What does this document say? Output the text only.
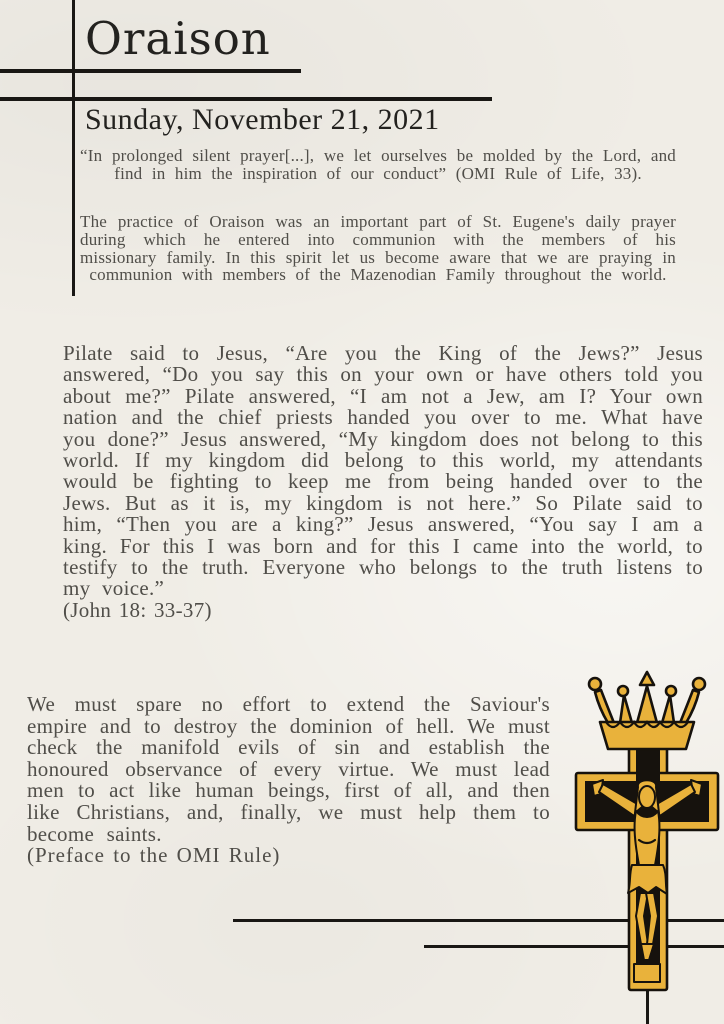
Oraison
Sunday, November 21, 2021

“In prolonged silent prayer[...], we let ourselves be molded by the Lord, and find in him the inspiration of our conduct” (OMI Rule of Life, 33).

The practice of Oraison was an important part of St. Eugene's daily prayer during which he entered into communion with the members of his missionary family. In this spirit let us become aware that we are praying in communion with members of the Mazenodian Family throughout the world.

Pilate said to Jesus, “Are you the King of the Jews?” Jesus answered, “Do you say this on your own or have others told you about me?” Pilate answered, “I am not a Jew, am I? Your own nation and the chief priests handed you over to me. What have you done?” Jesus answered, “My kingdom does not belong to this world. If my kingdom did belong to this world, my attendants would be fighting to keep me from being handed over to the Jews. But as it is, my kingdom is not here.” So Pilate said to him, “Then you are a king?” Jesus answered, “You say I am a king. For this I was born and for this I came into the world, to testify to the truth. Everyone who belongs to the truth listens to my voice.”

(John 18: 33-37)

We must spare no effort to extend the Saviour's empire and to destroy the dominion of hell. We must check the manifold evils of sin and establish the honoured observance of every virtue. We must lead men to act like human beings, first of all, and then like Christians, and, finally, we must help them to become saints.

(Preface to the OMI Rule)
